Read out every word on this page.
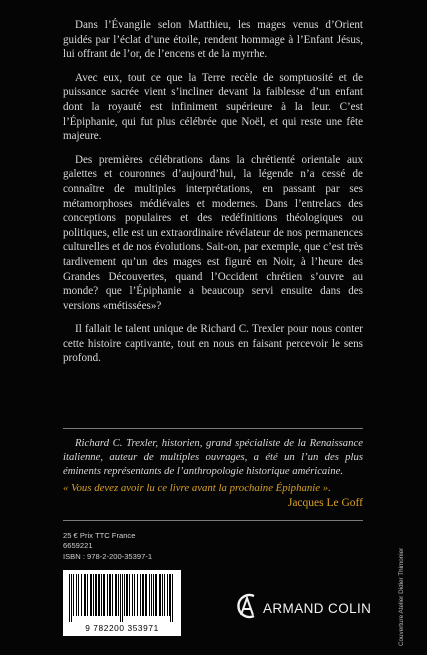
Dans l’Évangile selon Matthieu, les mages venus d’Orient guidés par l’éclat d’une étoile, rendent hommage à l’Enfant Jésus, lui offrant de l’or, de l’encens et de la myrrhe.

Avec eux, tout ce que la Terre recèle de somptuosité et de puissance sacrée vient s’incliner devant la faiblesse d’un enfant dont la royauté est infiniment supérieure à la leur. C’est l’Épiphanie, qui fut plus célébrée que Noël, et qui reste une fête majeure.

Des premières célébrations dans la chrétienté orientale aux galettes et couronnes d’aujourd’hui, la légende n’a cessé de connaître de multiples interprétations, en passant par ses métamorphoses médiévales et modernes. Dans l’entrelacs des conceptions populaires et des redéfinitions théologiques ou politiques, elle est un extraordinaire révélateur de nos permanences culturelles et de nos évolutions. Sait-on, par exemple, que c’est très tardivement qu’un des mages est figuré en Noir, à l’heure des Grandes Découvertes, quand l’Occident chrétien s’ouvre au monde? que l’Épiphanie a beaucoup servi ensuite dans des versions «métissées»?

Il fallait le talent unique de Richard C. Trexler pour nous conter cette histoire captivante, tout en nous en faisant percevoir le sens profond.

Richard C. Trexler, historien, grand spécialiste de la Renaissance italienne, auteur de multiples ouvrages, a été un l’un des plus éminents représentants de l’anthropologie historique américaine.

« Vous devez avoir lu ce livre avant la prochaine Épiphanie ».

Jacques Le Goff

25 € Prix TTC France
6659221
ISBN : 978-2-200-35397-1
9 782200 353971
ARMAND COLIN	Couverture Atelier Didier Thimonier
